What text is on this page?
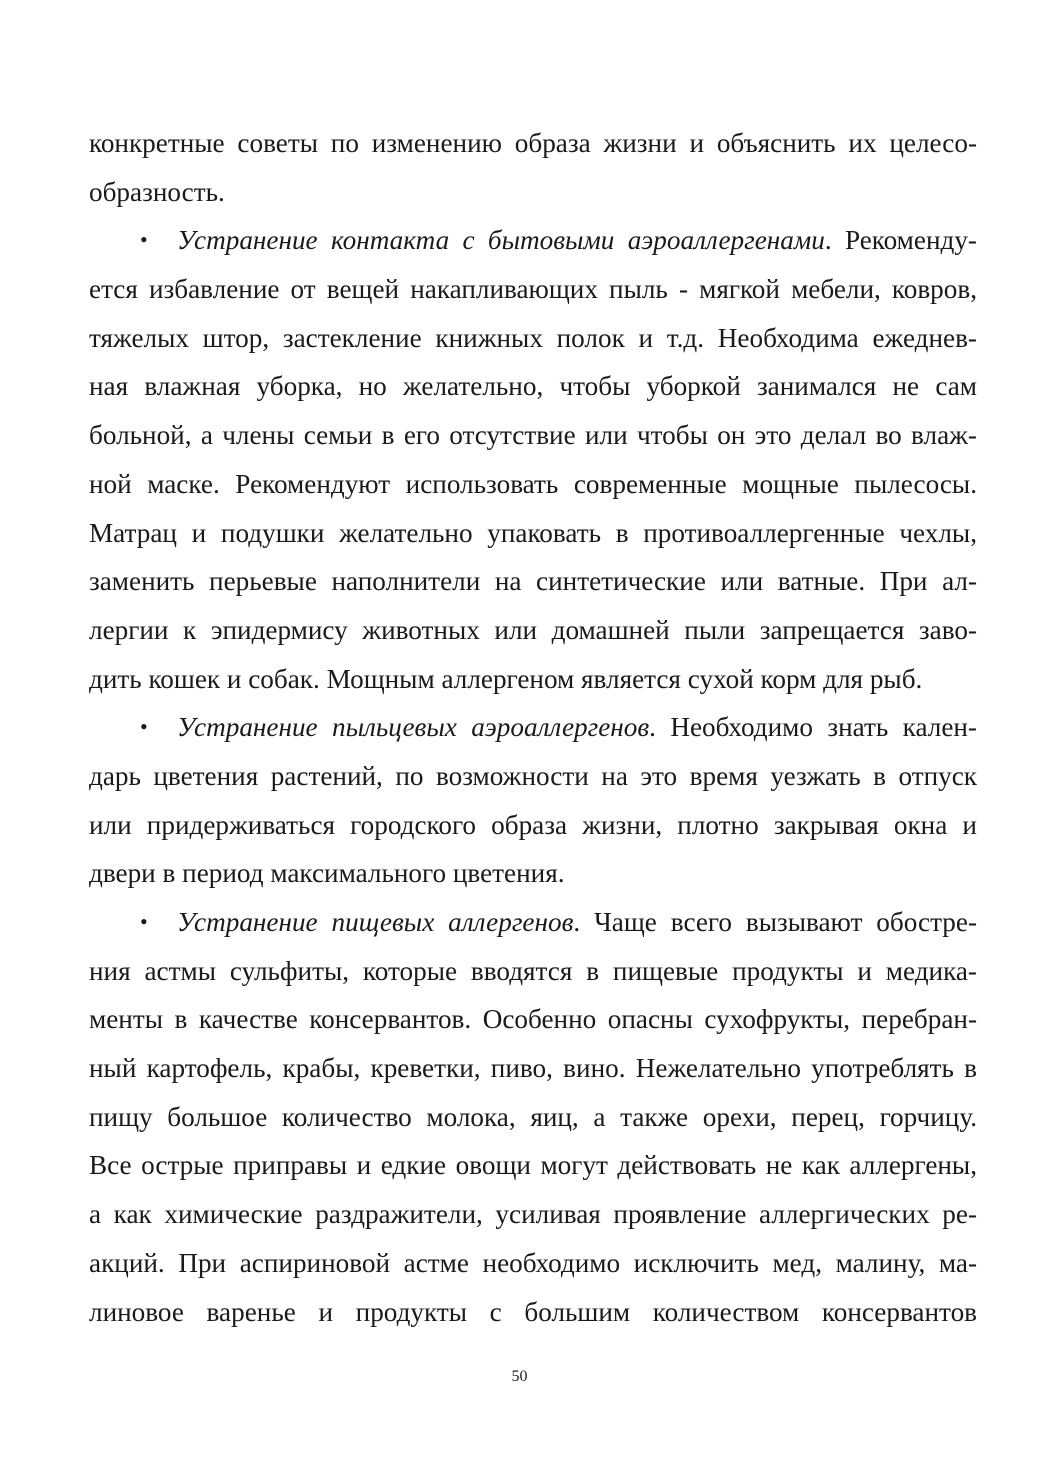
конкретные советы по изменению образа жизни и объяснить их целесо-
образность.
• Устранение контакта с бытовыми аэроаллергенами. Рекоменду-
ется избавление от вещей накапливающих пыль - мягкой мебели, ковров,
тяжелых штор, застекление книжных полок и т.д. Необходима ежеднев-
ная влажная уборка, но желательно, чтобы уборкой занимался не сам
больной, а члены семьи в его отсутствие или чтобы он это делал во влаж-
ной маске. Рекомендуют использовать современные мощные пылесосы.
Матрац и подушки желательно упаковать в противоаллергенные чехлы,
заменить перьевые наполнители на синтетические или ватные. При ал-
лергии к эпидермису животных или домашней пыли запрещается заво-
дить кошек и собак. Мощным аллергеном является сухой корм для рыб.
• Устранение пыльцевых аэроаллергенов. Необходимо знать кален-
дарь цветения растений, по возможности на это время уезжать в отпуск
или придерживаться городского образа жизни, плотно закрывая окна и
двери в период максимального цветения.
• Устранение пищевых аллергенов. Чаще всего вызывают обостре-
ния астмы сульфиты, которые вводятся в пищевые продукты и медика-
менты в качестве консервантов. Особенно опасны сухофрукты, перебран-
ный картофель, крабы, креветки, пиво, вино. Нежелательно употреблять в
пищу большое количество молока, яиц, а также орехи, перец, горчицу.
Все острые приправы и едкие овощи могут действовать не как аллергены,
а как химические раздражители, усиливая проявление аллергических ре-
акций. При аспириновой астме необходимо исключить мед, малину, ма-
линовое варенье и продукты с большим количеством консервантов
50
